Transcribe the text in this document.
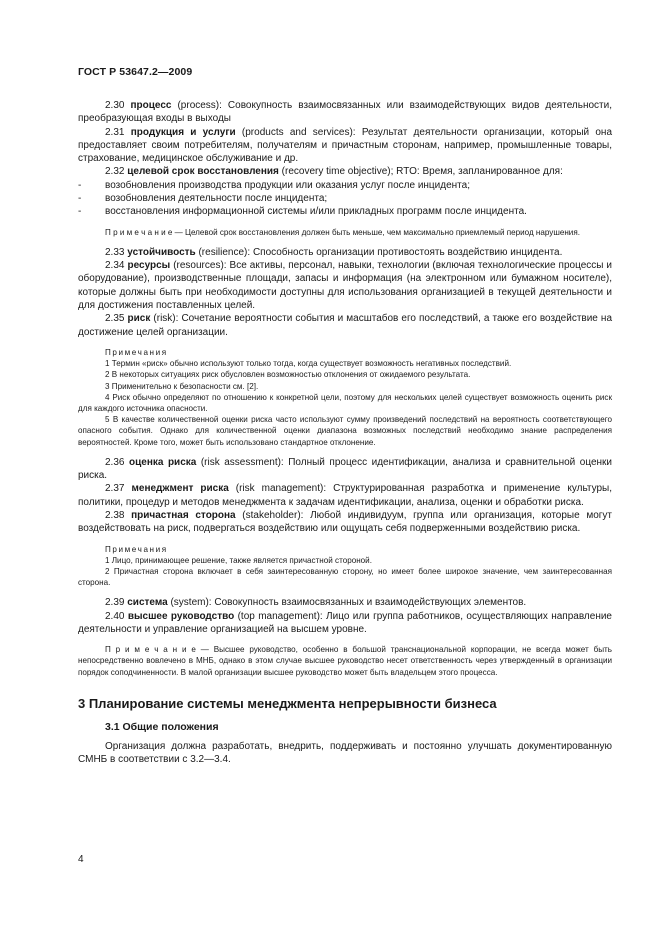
ГОСТ Р 53647.2—2009

2.30 процесс (process): Совокупность взаимосвязанных или взаимодействующих видов деятельности, преобразующая входы в выходы

2.31 продукция и услуги (products and services): Результат деятельности организации, который она предоставляет своим потребителям, получателям и причастным сторонам, например, промышленные товары, страхование, медицинское обслуживание и др.

2.32 целевой срок восстановления (recovery time objective); RTO: Время, запланированное для:

- возобновления производства продукции или оказания услуг после инцидента;

- возобновления деятельности после инцидента;

- восстановления информационной системы и/или прикладных программ после инцидента.

П р и м е ч а н и е — Целевой срок восстановления должен быть меньше, чем максимально приемлемый период нарушения.

2.33 устойчивость (resilience): Способность организации противостоять воздействию инцидента.

2.34 ресурсы (resources): Все активы, персонал, навыки, технологии (включая технологические процессы и оборудование), производственные площади, запасы и информация (на электронном или бумажном носителе), которые должны быть при необходимости доступны для использования организацией в текущей деятельности и для достижения поставленных целей.

2.35 риск (risk): Сочетание вероятности события и масштабов его последствий, а также его воздействие на достижение целей организации.

Примечания

1 Термин «риск» обычно используют только тогда, когда существует возможность негативных последствий.

2 В некоторых ситуациях риск обусловлен возможностью отклонения от ожидаемого результата.

3 Применительно к безопасности см. [2].

4 Риск обычно определяют по отношению к конкретной цели, поэтому для нескольких целей существует возможность оценить риск для каждого источника опасности.

5 В качестве количественной оценки риска часто используют сумму произведений последствий на вероятность соответствующего опасного события. Однако для количественной оценки диапазона возможных последствий необходимо знание распределения вероятностей. Кроме того, может быть использовано стандартное отклонение.

2.36 оценка риска (risk assessment): Полный процесс идентификации, анализа и сравнительной оценки риска.

2.37 менеджмент риска (risk management): Структурированная разработка и применение культуры, политики, процедур и методов менеджмента к задачам идентификации, анализа, оценки и обработки риска.

2.38 причастная сторона (stakeholder): Любой индивидуум, группа или организация, которые могут воздействовать на риск, подвергаться воздействию или ощущать себя подверженными воздействию риска.

Примечания

1 Лицо, принимающее решение, также является причастной стороной.

2 Причастная сторона включает в себя заинтересованную сторону, но имеет более широкое значение, чем заинтересованная сторона.

2.39 система (system): Совокупность взаимосвязанных и взаимодействующих элементов.

2.40 высшее руководство (top management): Лицо или группа работников, осуществляющих направление деятельности и управление организацией на высшем уровне.

П р и м е ч а н и е — Высшее руководство, особенно в большой транснациональной корпорации, не всегда может быть непосредственно вовлечено в МНБ, однако в этом случае высшее руководство несет ответственность через утвержденный в организации порядок соподчиненности. В малой организации высшее руководство может быть владельцем этого процесса.

3 Планирование системы менеджмента непрерывности бизнеса

3.1 Общие положения

Организация должна разработать, внедрить, поддерживать и постоянно улучшать документированную СМНБ в соответствии с 3.2—3.4.

4
